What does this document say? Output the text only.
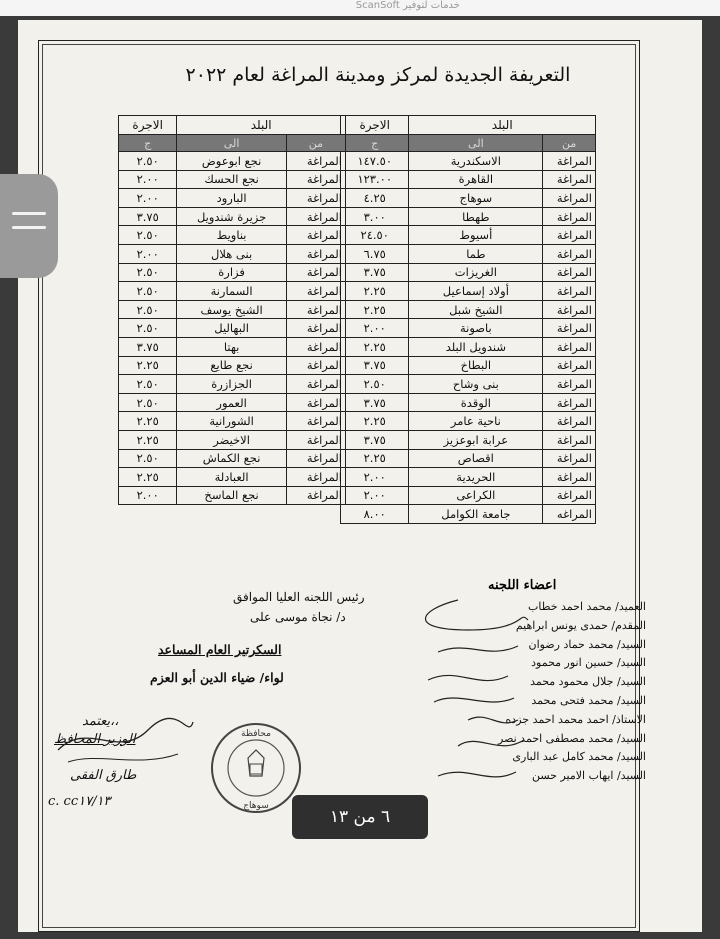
ScanSoft خدمات لتوفير
التعريفة الجديدة لمركز ومدينة المراغة لعام ٢٠٢٢
البلد		الاجرة
من	الى	ج
المراغة	الاسكندرية	١٤٧.٥٠
المراغة	القاهرة	١٢٣.٠٠
المراغة	سوهاج	٤.٢٥
المراغة	طهطا	٣.٠٠
المراغة	أسيوط	٢٤.٥٠
المراغة	طما	٦.٧٥
المراغة	الغريزات	٣.٧٥
المراغة	أولاد إسماعيل	٢.٢٥
المراغة	الشيخ شبل	٢.٢٥
المراغة	باصونة	٢.٠٠
المراغة	شندويل البلد	٢.٢٥
المراغة	البطاخ	٣.٧٥
المراغة	بنى وشاح	٢.٥٠
المراغة	الوقدة	٣.٧٥
المراغة	ناحية عامر	٢.٢٥
المراغة	عرابة ابوعزيز	٣.٧٥
المراغة	اقصاص	٢.٢٥
المراغة	الحريدية	٢.٠٠
المراغة	الكراعى	٢.٠٠
المراغه	جامعة الكوامل	٨.٠٠
البلد		الاجرة
من	الى	ج
المراغة	نجع ابوعوض	٢.٥٠
المراغة	نجع الحسك	٢.٠٠
المراغة	البارود	٢.٠٠
المراغة	جزيرة شندويل	٣.٧٥
المراغة	بناويط	٢.٥٠
المراغة	بنى هلال	٢.٠٠
المراغة	فزارة	٢.٥٠
المراغة	السمارنة	٢.٥٠
المراغة	الشيخ يوسف	٢.٥٠
المراغة	البهاليل	٢.٥٠
المراغة	بهتا	٣.٧٥
المراغة	نجع طايع	٢.٢٥
المراغة	الجزازرة	٢.٥٠
المراغة	العمور	٢.٥٠
المراغة	الشورانية	٢.٢٥
المراغة	الاخيضر	٢.٢٥
المراغة	نجع الكماش	٢.٥٠
المراغة	العبادلة	٢.٢٥
المراغة	نجع الماسخ	٢.٠٠
رئيس اللجنه العليا الموافق
د/ نجاة موسى على
السكرتير العام المساعد
لواء/ ضياء الدين أبو العزم
يعتمد،،
الوزير المحافظ
طارق الفقى
c. cc١٧/١٣
محافظة
سوهاج
اعضاء اللجنه
العميد/ محمد احمد خطاب
المقدم/ حمدى يونس ابراهيم
السيد/ محمد حماد رضوان
السيد/ حسين انور محمود
السيد/ جلال محمود محمد
السيد/ محمد فتحى محمد
الاستاذ/ احمد محمد احمد جزده
السيد/ محمد مصطفى احمد نصر
السيد/ محمد كامل عبد البارى
السيد/ ايهاب الامير حسن
٦ من ١٣
